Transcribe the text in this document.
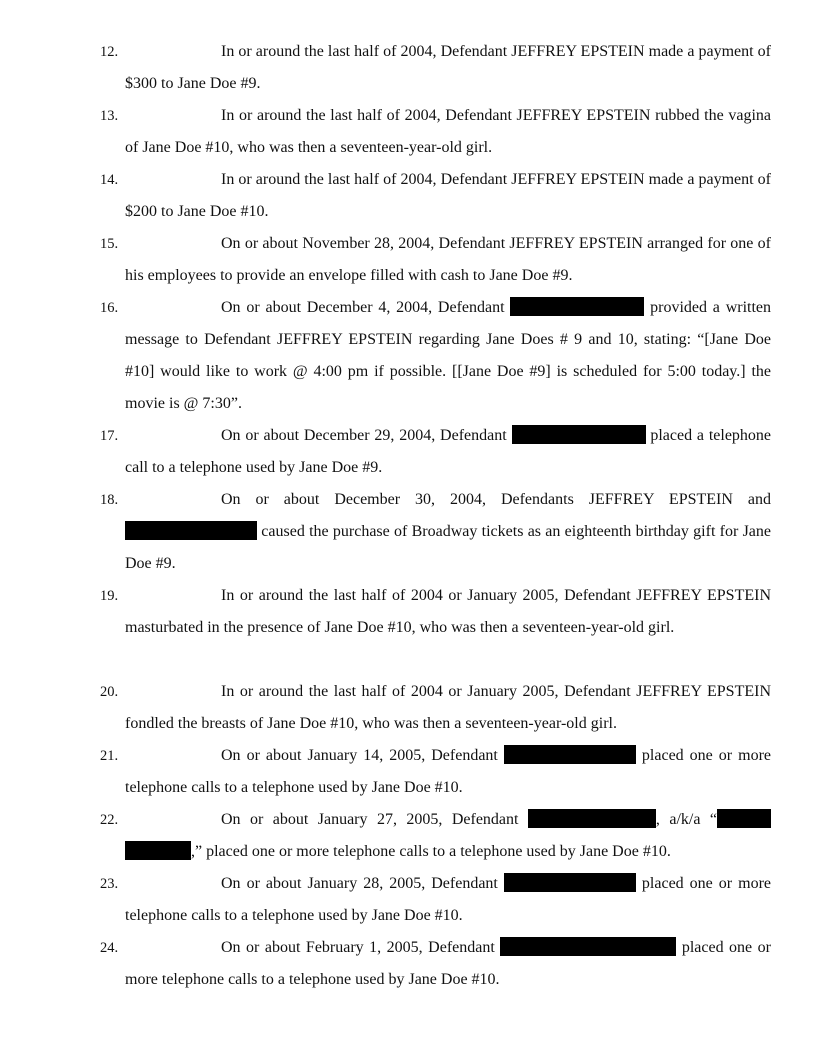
12.	In or around the last half of 2004, Defendant JEFFREY EPSTEIN made a payment of $300 to Jane Doe #9.
13.	In or around the last half of 2004, Defendant JEFFREY EPSTEIN rubbed the vagina of Jane Doe #10, who was then a seventeen-year-old girl.
14.	In or around the last half of 2004, Defendant JEFFREY EPSTEIN made a payment of $200 to Jane Doe #10.
15.	On or about November 28, 2004, Defendant JEFFREY EPSTEIN arranged for one of his employees to provide an envelope filled with cash to Jane Doe #9.
16.	On or about December 4, 2004, Defendant	provided a written message to Defendant JEFFREY EPSTEIN regarding Jane Does # 9 and 10, stating: “[Jane Doe #10] would like to work @ 4:00 pm if possible. [[Jane Doe #9] is scheduled for 5:00 today.] the movie is @ 7:30”.
17.	On or about December 29, 2004, Defendant	placed a telephone call to a telephone used by Jane Doe #9.
18.	On or about December 30, 2004, Defendants JEFFREY EPSTEIN and  caused the purchase of Broadway tickets as an eighteenth birthday gift for Jane Doe #9.
19.	In or around the last half of 2004 or January 2005, Defendant JEFFREY EPSTEIN masturbated in the presence of Jane Doe #10, who was then a seventeen-year-old girl.
20.	In or around the last half of 2004 or January 2005, Defendant JEFFREY EPSTEIN fondled the breasts of Jane Doe #10, who was then a seventeen-year-old girl.
21.	On or about January 14, 2005, Defendant	placed one or more telephone calls to a telephone used by Jane Doe #10.
22.	On or about January 27, 2005, Defendant	, a/k/a “ ,” placed one or more telephone calls to a telephone used by Jane Doe #10.
23.	On or about January 28, 2005, Defendant	placed one or more telephone calls to a telephone used by Jane Doe #10.
24.	On or about February 1, 2005, Defendant	placed one or more telephone calls to a telephone used by Jane Doe #10.
